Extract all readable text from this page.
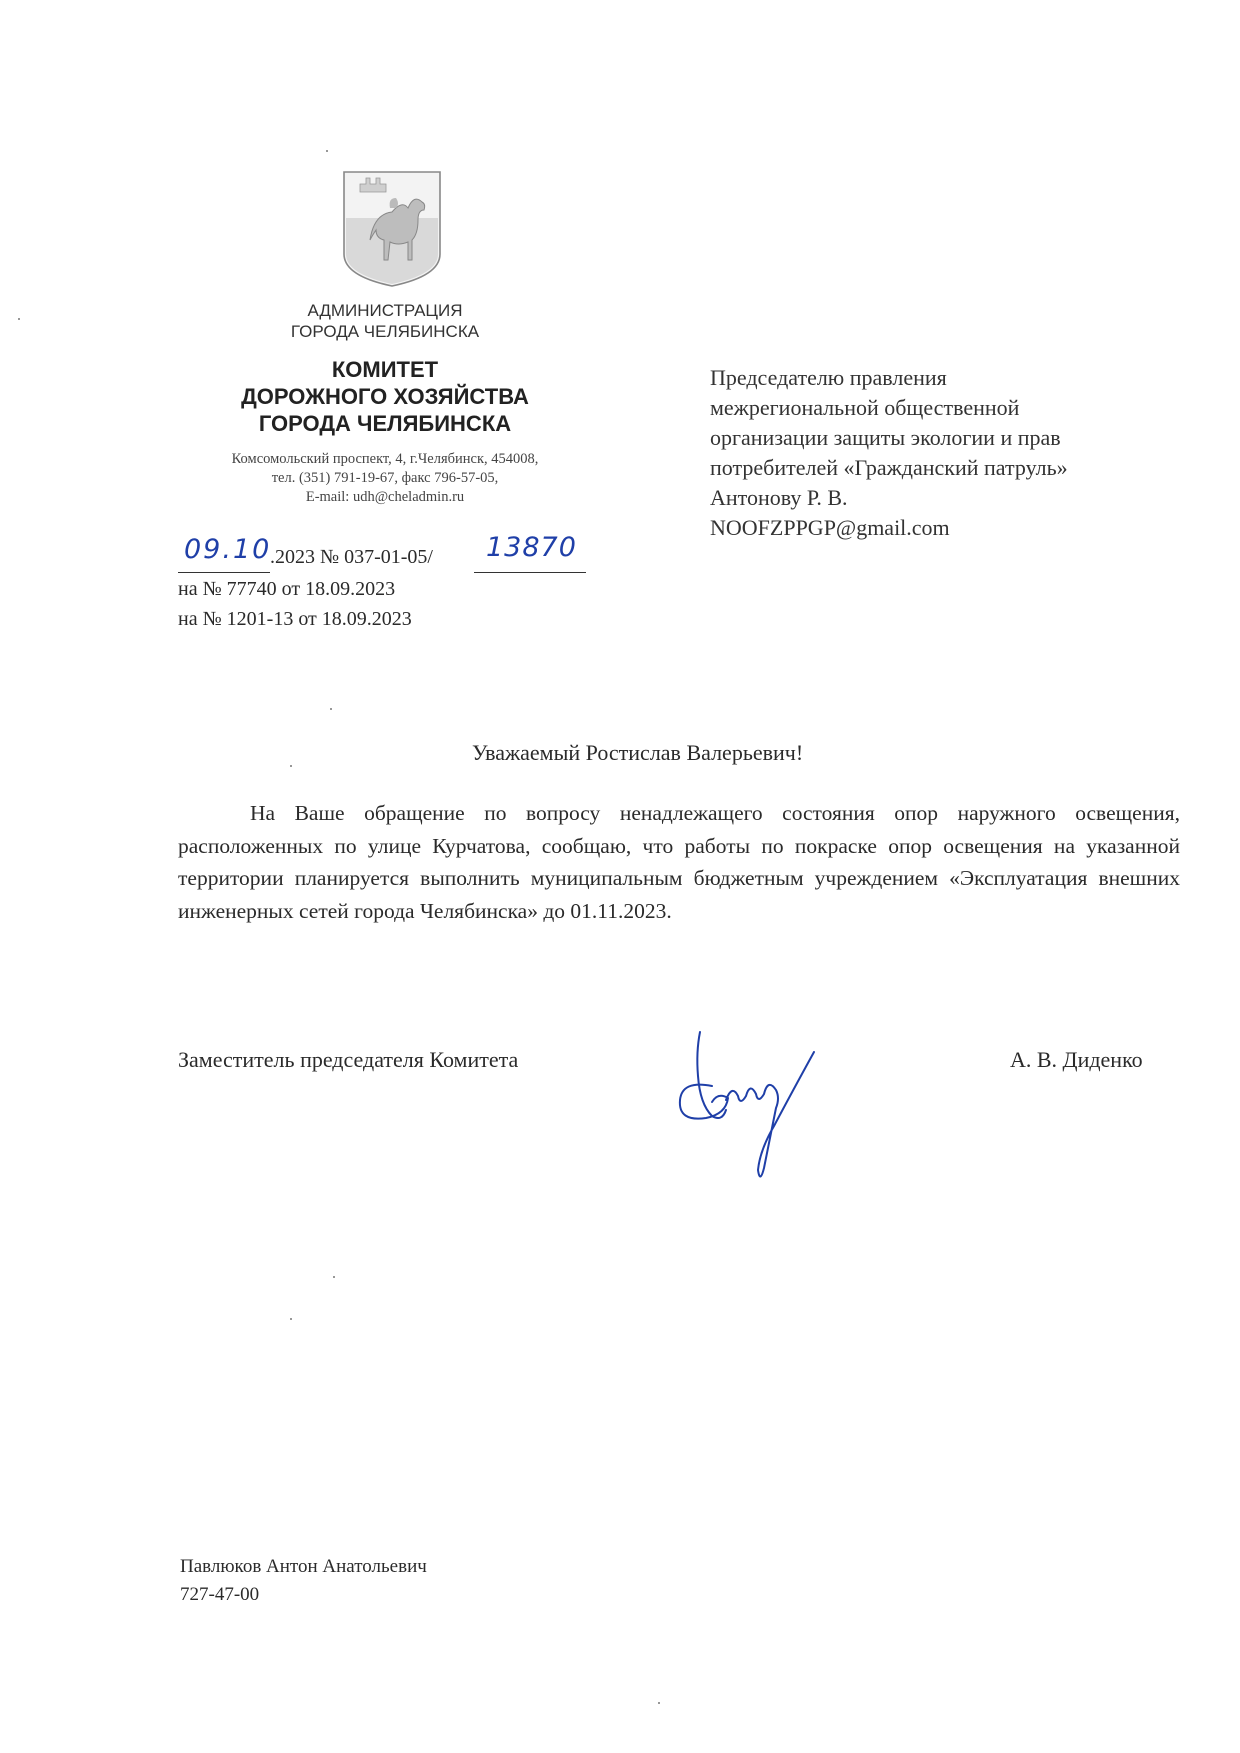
АДМИНИСТРАЦИЯ
ГОРОДА ЧЕЛЯБИНСКА
КОМИТЕТ
ДОРОЖНОГО ХОЗЯЙСТВА
ГОРОДА ЧЕЛЯБИНСКА
Комсомольский проспект, 4, г.Челябинск, 454008,
тел. (351) 791-19-67, факс 796-57-05,
E-mail: udh@cheladmin.ru
09.10
.2023 № 037-01-05/ 13870
на № 77740 от 18.09.2023
на № 1201-13 от 18.09.2023
Председателю правления
межрегиональной общественной
организации защиты экологии и прав
потребителей «Гражданский патруль»
Антонову Р. В.
NOOFZPPGP@gmail.com
Уважаемый Ростислав Валерьевич!
На Ваше обращение по вопросу ненадлежащего состояния опор наружного освещения, расположенных по улице Курчатова, сообщаю, что работы по покраске опор освещения на указанной территории планируется выполнить муниципальным бюджетным учреждением «Эксплуатация внешних инженерных сетей города Челябинска» до 01.11.2023.
Заместитель председателя Комитета	А. В. Диденко
Павлюков Антон Анатольевич
727-47-00
